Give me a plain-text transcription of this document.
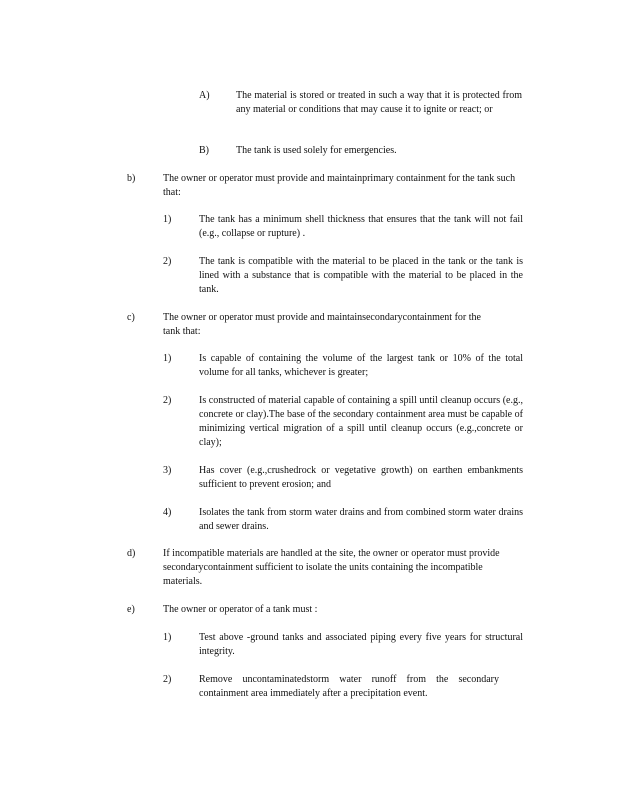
A)	The material is stored or treated in such a way that it is protected from any material or conditions that may cause it to ignite or react; or
B)	The tank is used solely for emergencies.
b)	The owner or operator must provide and maintainprimary containment for the tank such that:
1)	The tank has a minimum shell thickness that ensures that the tank will not fail (e.g., collapse or rupture) .
2)	The tank is compatible with the material to be placed in the tank or the tank is lined with a substance that is compatible with the material to be placed in the tank.
c)	The owner or operator must provide and maintainsecondarycontainment for the tank that:
1)	Is capable of containing the volume of the largest tank or 10% of the total volume for all tanks, whichever is greater;
2)	Is constructed of material capable of containing a spill until cleanup occurs (e.g., concrete or clay).The base of the secondary containment area must be capable of minimizing vertical migration of a spill until cleanup occurs (e.g.,concrete or clay);
3)	Has cover (e.g.,crushedrock or vegetative growth) on earthen embankments sufficient to prevent erosion; and
4)	Isolates the tank from storm water drains and from combined storm water drains and sewer drains.
d)	If incompatible materials are handled at the site, the owner or operator must provide secondarycontainment sufficient to isolate the units containing the incompatible materials.
e)	The owner or operator of a tank must :
1)	Test above -ground tanks and associated piping every five years for structural integrity.
2)	Remove uncontaminatedstorm water runoff from the secondary containment area immediately after a precipitation event.
